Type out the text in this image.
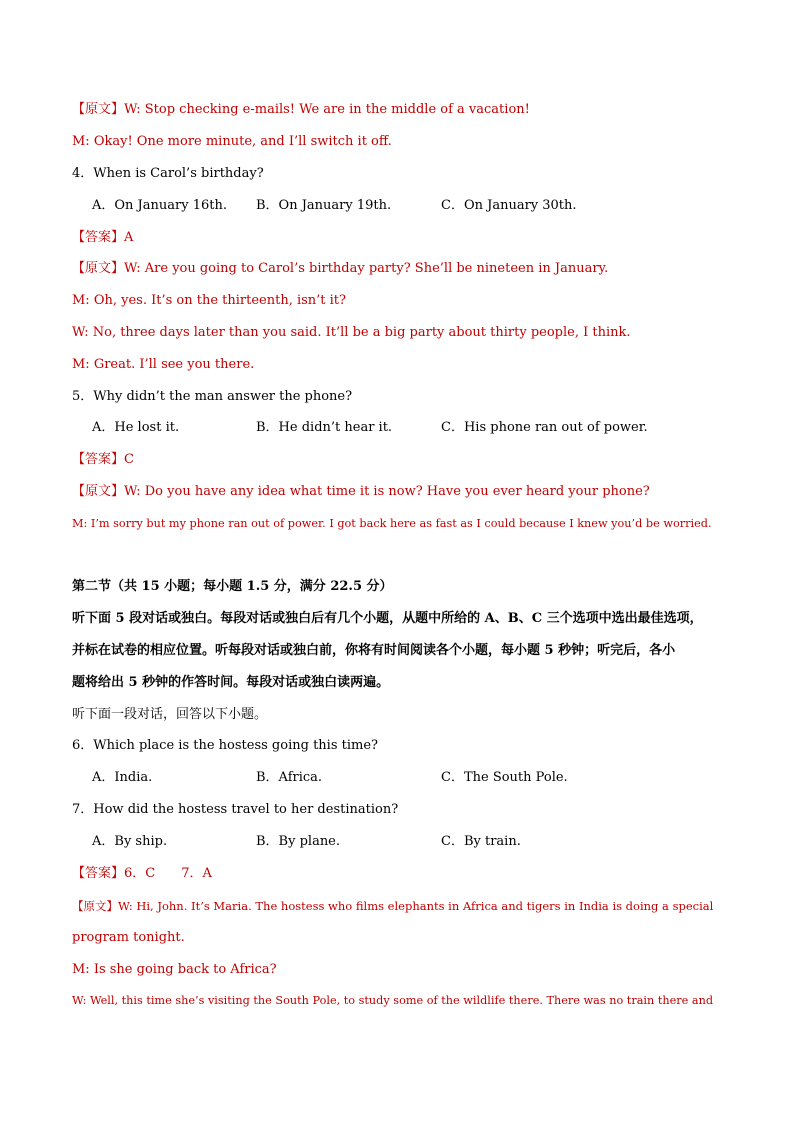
【原文】W: Stop checking e-mails! We are in the middle of a vacation!
M: Okay! One more minute, and I’ll switch it off.
4．When is Carol’s birthday?
A．On January 16th. B．On January 19th.	C．On January 30th.
【答案】A
【原文】W: Are you going to Carol’s birthday party? She’ll be nineteen in January.
M: Oh, yes. It’s on the thirteenth, isn’t it?
W: No, three days later than you said. It’ll be a big party about thirty people, I think.
M: Great. I’ll see you there.
5．Why didn’t the man answer the phone?
A．He lost it.	B．He didn’t hear it.	C．His phone ran out of power.
【答案】C
【原文】W: Do you have any idea what time it is now? Have you ever heard your phone?
M: I’m sorry but my phone ran out of power. I got back here as fast as I could because I knew you’d be worried.
第二节（共 15 小题；每小题 1.5 分，满分 22.5 分）
听下面 5 段对话或独白。每段对话或独白后有几个小题，从题中所给的 A、B、C 三个选项中选出最佳选项，
并标在试卷的相应位置。听每段对话或独白前，你将有时间阅读各个小题，每小题 5 秒钟；听完后，各小
题将给出 5 秒钟的作答时间。每段对话或独白读两遍。
听下面一段对话，回答以下小题。
6．Which place is the hostess going this time?
A．India.	B．Africa.	C．The South Pole.
7．How did the hostess travel to her destination?
A．By ship.	B．By plane.	C．By train.
【答案】6．C　　7．A
【原文】W: Hi, John. It’s Maria. The hostess who films elephants in Africa and tigers in India is doing a special
program tonight.
M: Is she going back to Africa?
W: Well, this time she’s visiting the South Pole, to study some of the wildlife there. There was no train there and
